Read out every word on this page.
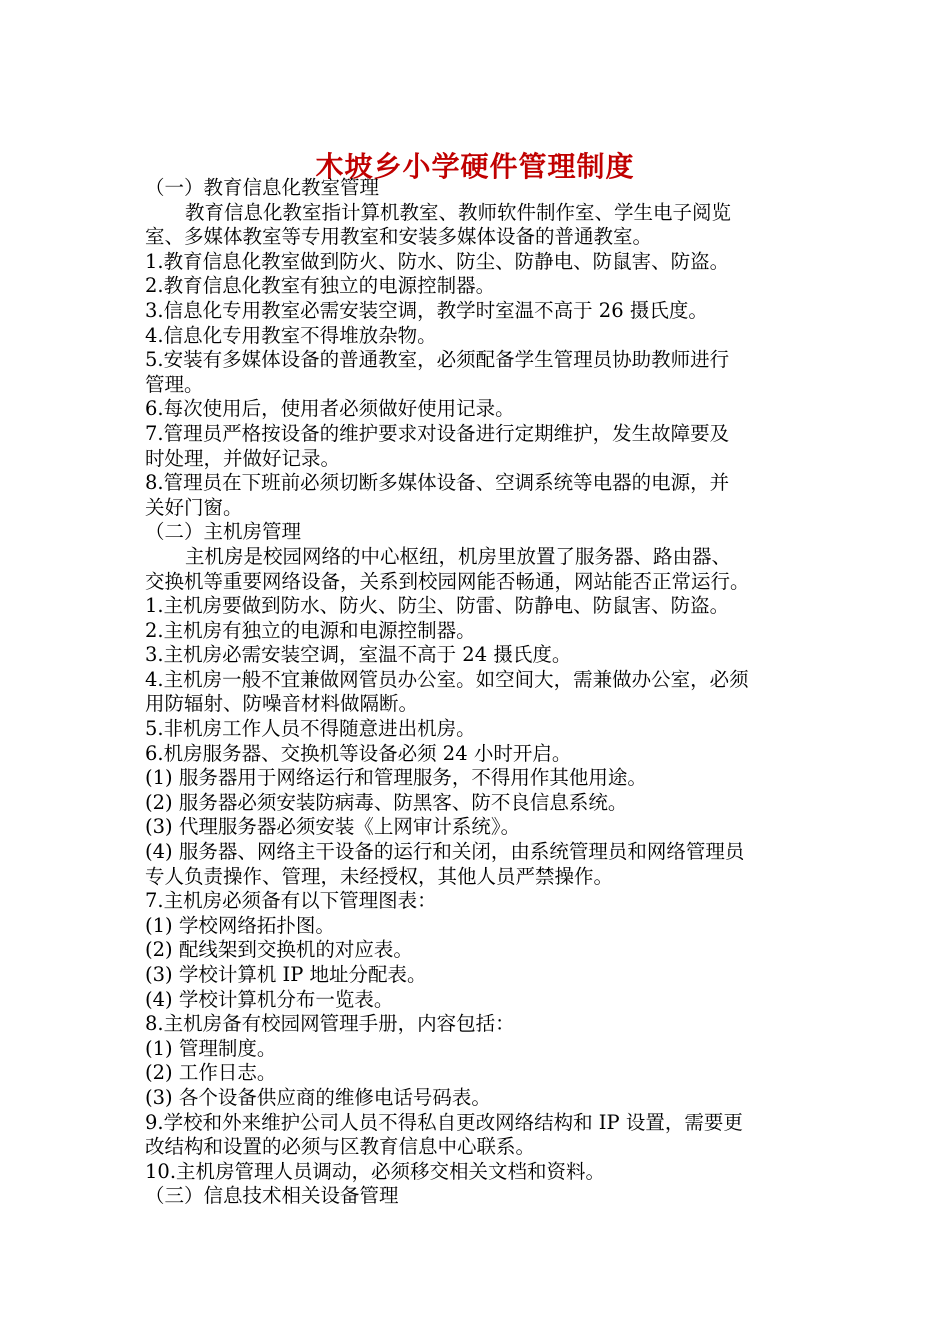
木坡乡小学硬件管理制度

（一）教育信息化教室管理

教育信息化教室指计算机教室、教师软件制作室、学生电子阅览

室、多媒体教室等专用教室和安装多媒体设备的普通教室。

1.教育信息化教室做到防火、防水、防尘、防静电、防鼠害、防盗。

2.教育信息化教室有独立的电源控制器。

3.信息化专用教室必需安装空调，教学时室温不高于 26 摄氏度。

4.信息化专用教室不得堆放杂物。

5.安装有多媒体设备的普通教室，必须配备学生管理员协助教师进行

管理。

6.每次使用后，使用者必须做好使用记录。

7.管理员严格按设备的维护要求对设备进行定期维护，发生故障要及

时处理，并做好记录。

8.管理员在下班前必须切断多媒体设备、空调系统等电器的电源，并

关好门窗。

（二）主机房管理

主机房是校园网络的中心枢纽，机房里放置了服务器、路由器、

交换机等重要网络设备，关系到校园网能否畅通，网站能否正常运行。

1.主机房要做到防水、防火、防尘、防雷、防静电、防鼠害、防盗。

2.主机房有独立的电源和电源控制器。

3.主机房必需安装空调，室温不高于 24 摄氏度。

4.主机房一般不宜兼做网管员办公室。如空间大，需兼做办公室，必须

用防辐射、防噪音材料做隔断。

5.非机房工作人员不得随意进出机房。

6.机房服务器、交换机等设备必须 24 小时开启。

(1) 服务器用于网络运行和管理服务，不得用作其他用途。

(2) 服务器必须安装防病毒、防黑客、防不良信息系统。

(3) 代理服务器必须安装《上网审计系统》。

(4) 服务器、网络主干设备的运行和关闭，由系统管理员和网络管理员

专人负责操作、管理，未经授权，其他人员严禁操作。

7.主机房必须备有以下管理图表：

(1) 学校网络拓扑图。

(2) 配线架到交换机的对应表。

(3) 学校计算机 IP 地址分配表。

(4) 学校计算机分布一览表。

8.主机房备有校园网管理手册，内容包括：

(1) 管理制度。

(2) 工作日志。

(3) 各个设备供应商的维修电话号码表。

9.学校和外来维护公司人员不得私自更改网络结构和 IP 设置，需要更

改结构和设置的必须与区教育信息中心联系。

10.主机房管理人员调动，必须移交相关文档和资料。

（三）信息技术相关设备管理
